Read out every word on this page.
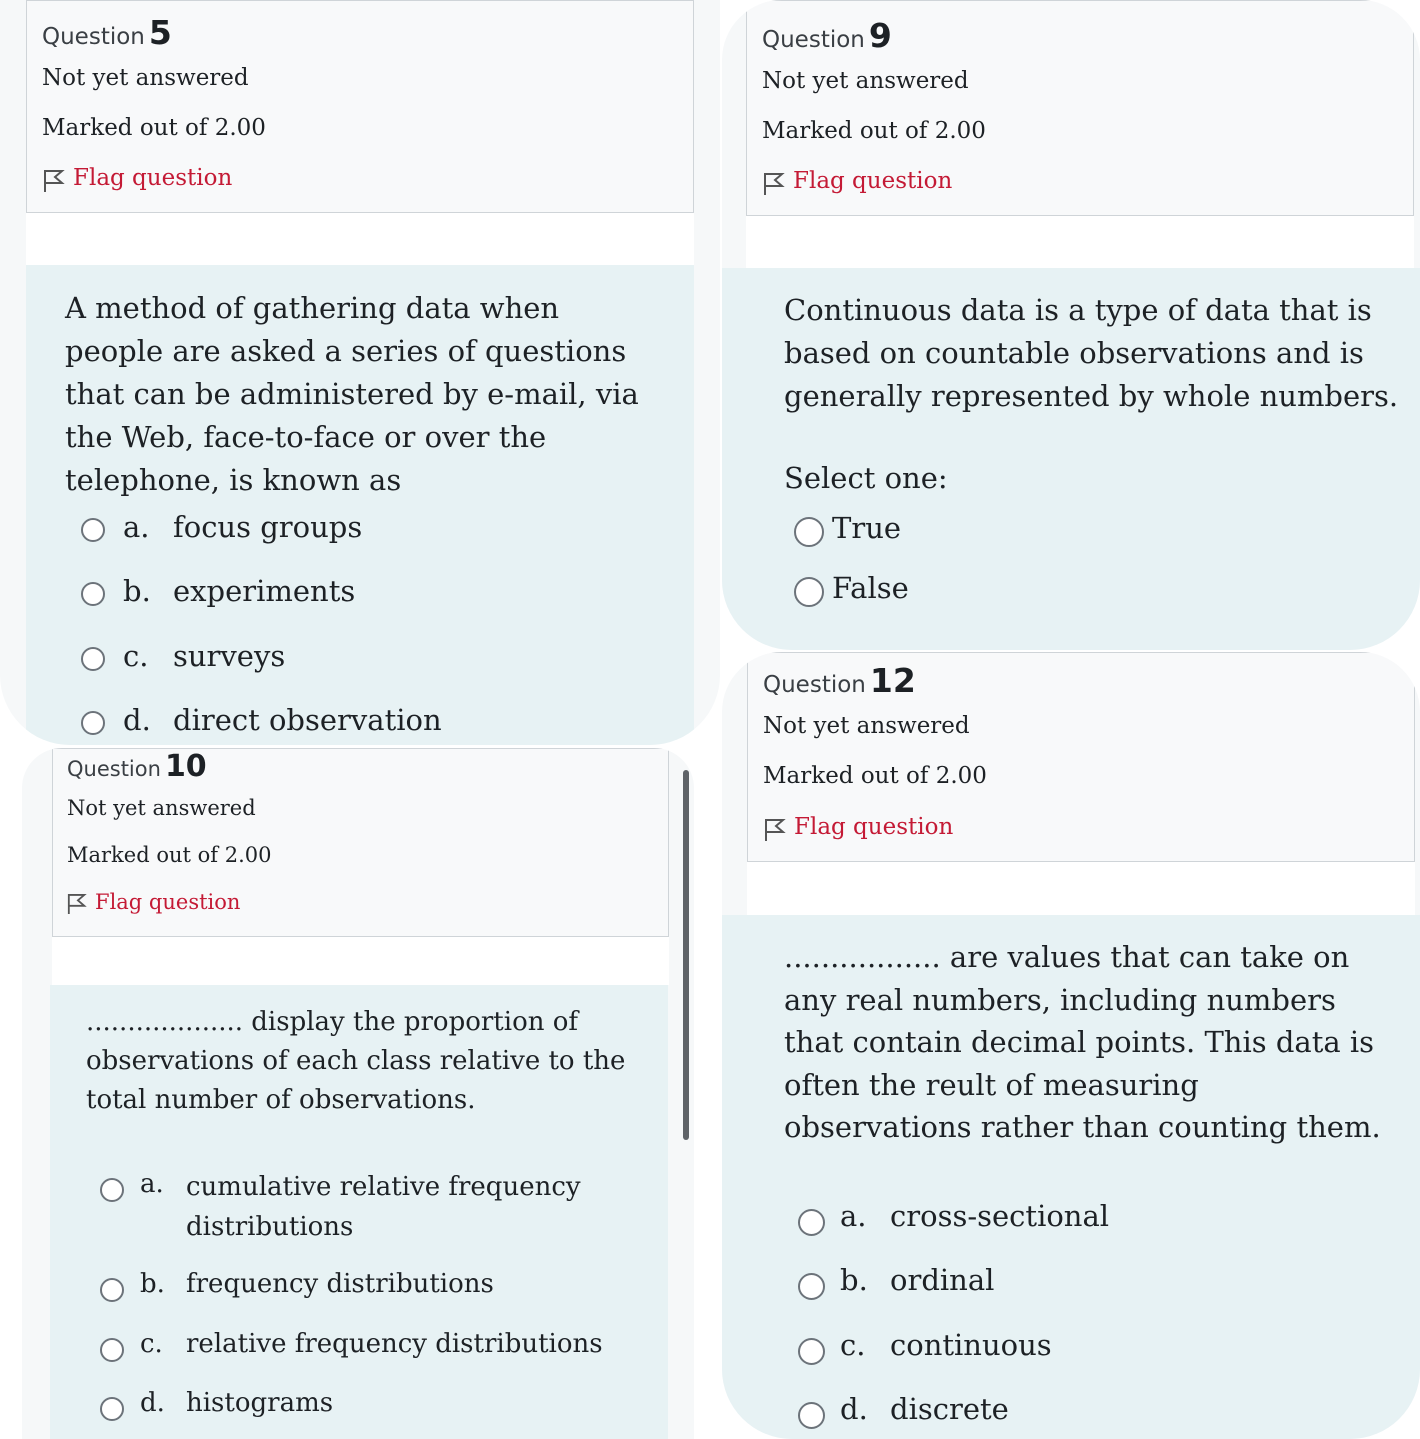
Question 5
Not yet answered
Marked out of 2.00
Flag question
A method of gathering data when people are asked a series of questions that can be administered by e-mail, via the Web, face-to-face or over the telephone, is known as
a. focus groups
b. experiments
c. surveys
d. direct observation
Question 9
Not yet answered
Marked out of 2.00
Flag question
Continuous data is a type of data that is based on countable observations and is generally represented by whole numbers.
Select one:
True
False
Question 10
Not yet answered
Marked out of 2.00
Flag question
................... display the proportion of observations of each class relative to the total number of observations.
a. cumulative relative frequency distributions
b. frequency distributions
c. relative frequency distributions
d. histograms
Question 12
Not yet answered
Marked out of 2.00
Flag question
................. are values that can take on any real numbers, including numbers that contain decimal points. This data is often the reult of measuring observations rather than counting them.
a. cross-sectional
b. ordinal
c. continuous
d. discrete
